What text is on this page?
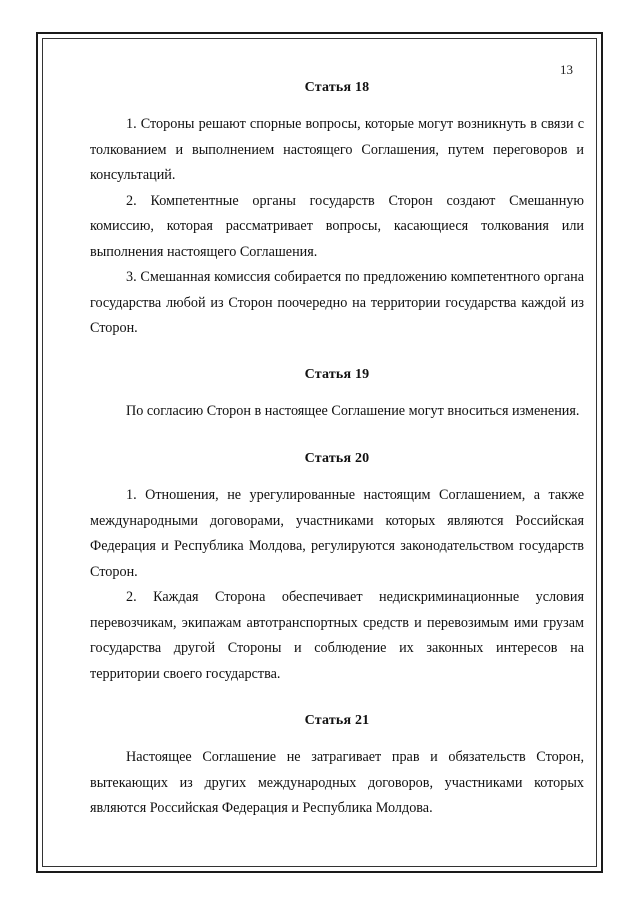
13
Статья 18

1. Стороны решают спорные вопросы, которые могут возникнуть в связи с толкованием и выполнением настоящего Соглашения, путем переговоров и консультаций.

2. Компетентные органы государств Сторон создают Смешанную комиссию, которая рассматривает вопросы, касающиеся толкования или выполнения настоящего Соглашения.

3. Смешанная комиссия собирается по предложению компетентного органа государства любой из Сторон поочередно на территории государства каждой из Сторон.

Статья 19

По согласию Сторон в настоящее Соглашение могут вноситься изменения.

Статья 20

1. Отношения, не урегулированные настоящим Соглашением, а также международными договорами, участниками которых являются Российская Федерация и Республика Молдова, регулируются законодательством государств Сторон.

2. Каждая Сторона обеспечивает недискриминационные условия перевозчикам, экипажам автотранспортных средств и перевозимым ими грузам государства другой Стороны и соблюдение их законных интересов на территории своего государства.

Статья 21

Настоящее Соглашение не затрагивает прав и обязательств Сторон, вытекающих из других международных договоров, участниками которых являются Российская Федерация и Республика Молдова.
